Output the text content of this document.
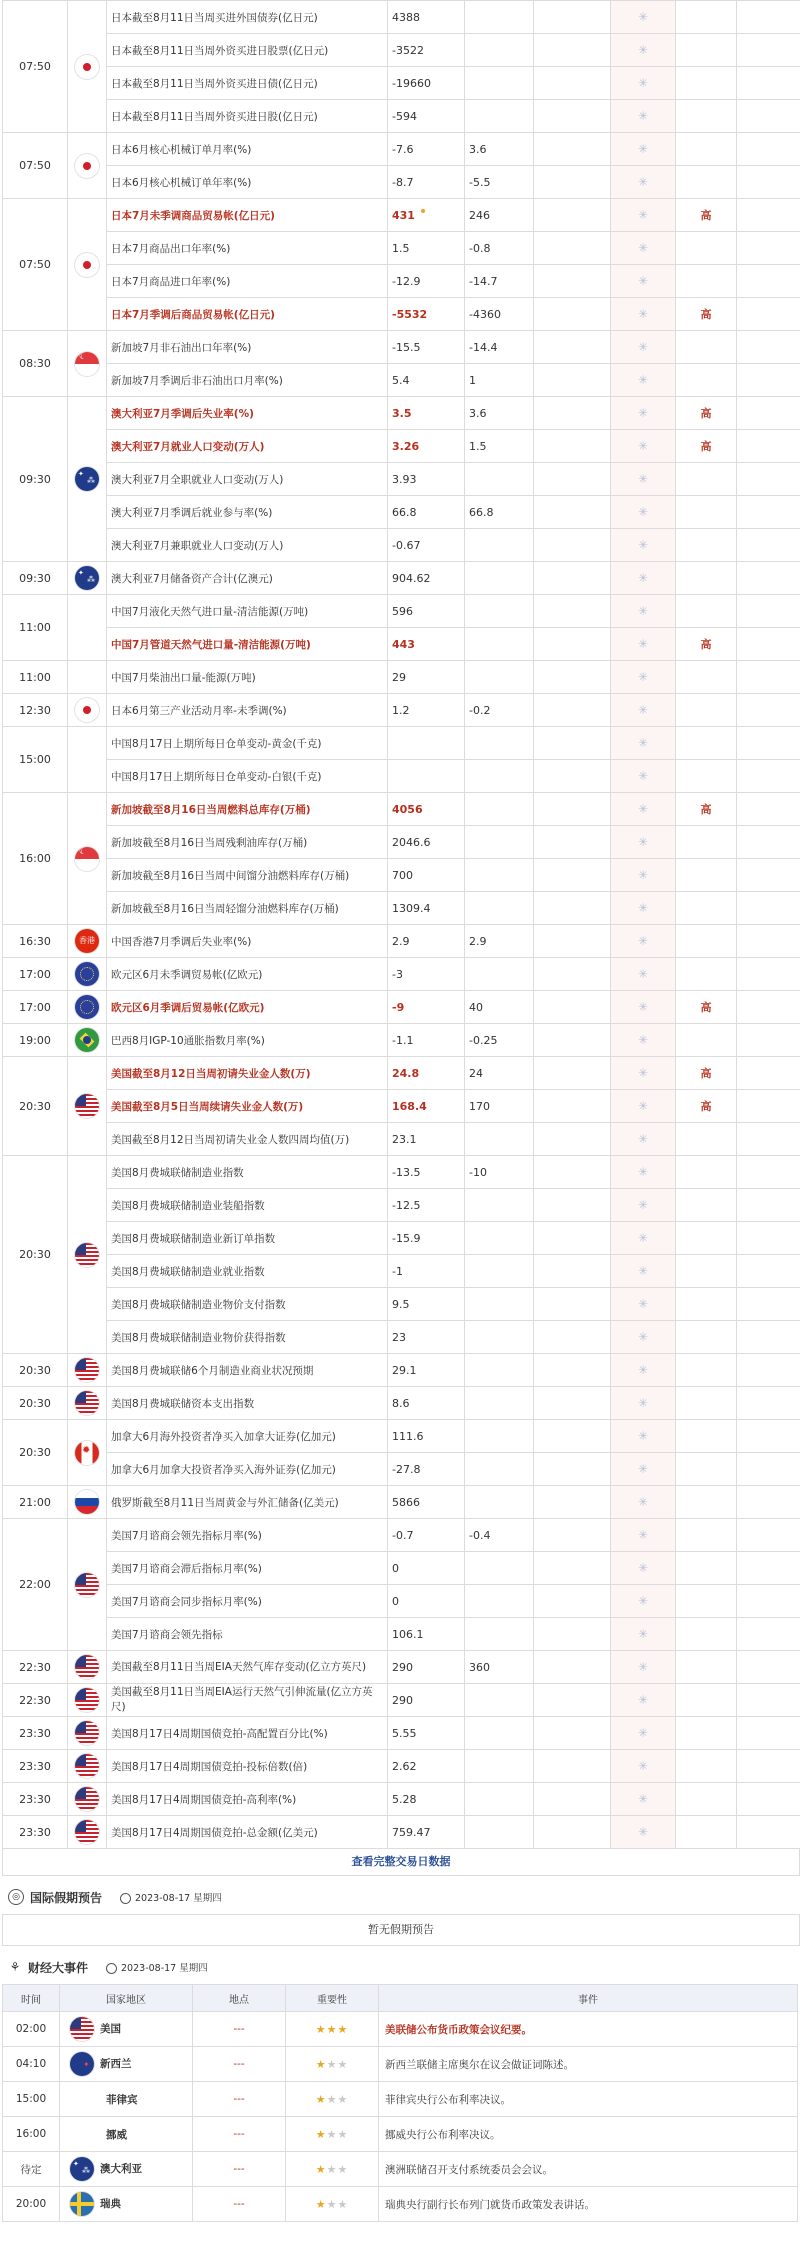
07:50		日本截至8月11日当周买进外国债券(亿日元)	4388			✳			
		日本截至8月11日当周外资买进日股票(亿日元)	-3522			✳			
		日本截至8月11日当周外资买进日债(亿日元)	-19660			✳			
		日本截至8月11日当周外资买进日股(亿日元)	-594			✳			
07:50		日本6月核心机械订单月率(%)	-7.6	3.6		✳			
		日本6月核心机械订单年率(%)	-8.7	-5.5		✳			
07:50		日本7月未季调商品贸易帐(亿日元)	431	246		✳	高		
		日本7月商品出口年率(%)	1.5	-0.8		✳			
		日本7月商品进口年率(%)	-12.9	-14.7		✳			
		日本7月季调后商品贸易帐(亿日元)	-5532	-4360		✳	高		
08:30	☾	新加坡7月非石油出口年率(%)	-15.5	-14.4		✳			
		新加坡7月季调后非石油出口月率(%)	5.4	1		✳			
09:30	✦ ⁂	澳大利亚7月季调后失业率(%)	3.5	3.6		✳	高		
		澳大利亚7月就业人口变动(万人)	3.26	1.5		✳	高		
		澳大利亚7月全职就业人口变动(万人)	3.93			✳			
		澳大利亚7月季调后就业参与率(%)	66.8	66.8		✳			
		澳大利亚7月兼职就业人口变动(万人)	-0.67			✳			
09:30	✦ ⁂	澳大利亚7月储备资产合计(亿澳元)	904.62			✳			
11:00		中国7月液化天然气进口量-清洁能源(万吨)	596			✳			
		中国7月管道天然气进口量-清洁能源(万吨)	443			✳	高		
11:00		中国7月柴油出口量-能源(万吨)	29			✳			
12:30		日本6月第三产业活动月率-未季调(%)	1.2	-0.2		✳			
15:00		中国8月17日上期所每日仓单变动-黄金(千克)				✳			
		中国8月17日上期所每日仓单变动-白银(千克)				✳			
16:00	☾	新加坡截至8月16日当周燃料总库存(万桶)	4056			✳	高		
		新加坡截至8月16日当周残剩油库存(万桶)	2046.6			✳			
		新加坡截至8月16日当周中间馏分油燃料库存(万桶)	700			✳			
		新加坡截至8月16日当周轻馏分油燃料库存(万桶)	1309.4			✳			
16:30	香港	中国香港7月季调后失业率(%)	2.9	2.9		✳			
17:00		欧元区6月未季调贸易帐(亿欧元)	-3			✳			
17:00		欧元区6月季调后贸易帐(亿欧元)	-9	40		✳	高		
19:00		巴西8月IGP-10通胀指数月率(%)	-1.1	-0.25		✳			
20:30		美国截至8月12日当周初请失业金人数(万)	24.8	24		✳	高		
		美国截至8月5日当周续请失业金人数(万)	168.4	170		✳	高		
		美国截至8月12日当周初请失业金人数四周均值(万)	23.1			✳			
20:30		美国8月费城联储制造业指数	-13.5	-10		✳			
		美国8月费城联储制造业装船指数	-12.5			✳			
		美国8月费城联储制造业新订单指数	-15.9			✳			
		美国8月费城联储制造业就业指数	-1			✳			
		美国8月费城联储制造业物价支付指数	9.5			✳			
		美国8月费城联储制造业物价获得指数	23			✳			
20:30		美国8月费城联储6个月制造业商业状况预期	29.1			✳			
20:30		美国8月费城联储资本支出指数	8.6			✳			
20:30	✹	加拿大6月海外投资者净买入加拿大证券(亿加元)	111.6			✳			
		加拿大6月加拿大投资者净买入海外证券(亿加元)	-27.8			✳			
21:00		俄罗斯截至8月11日当周黄金与外汇储备(亿美元)	5866			✳			
22:00		美国7月谘商会领先指标月率(%)	-0.7	-0.4		✳			
		美国7月谘商会滞后指标月率(%)	0			✳			
		美国7月谘商会同步指标月率(%)	0			✳			
		美国7月谘商会领先指标	106.1			✳			
22:30		美国截至8月11日当周EIA天然气库存变动(亿立方英尺)	290	360		✳			
22:30		美国截至8月11日当周EIA运行天然气引伸流量(亿立方英尺)	290			✳			
23:30		美国8月17日4周期国债竞拍-高配置百分比(%)	5.55			✳			
23:30		美国8月17日4周期国债竞拍-投标倍数(倍)	2.62			✳			
23:30		美国8月17日4周期国债竞拍-高利率(%)	5.28			✳			
23:30		美国8月17日4周期国债竞拍-总金额(亿美元)	759.47			✳			
查看完整交易日数据
◎ 国际假期预告	2023-08-17 星期四
暂无假期预告
⚘ 财经大事件	2023-08-17 星期四
时间	国家地区	地点	重要性	事件
02:00	美国	---	★★★	美联储公布货币政策会议纪要。
04:10	✦新西兰	---	★★★	新西兰联储主席奥尔在议会做证词陈述。
15:00	菲律宾	---	★★★	菲律宾央行公布利率决议。
16:00	挪威	---	★★★	挪威央行公布利率决议。
待定	✦ ⁂澳大利亚	---	★★★	澳洲联储召开支付系统委员会会议。
20:00	瑞典	---	★★★	瑞典央行副行长布列门就货币政策发表讲话。
